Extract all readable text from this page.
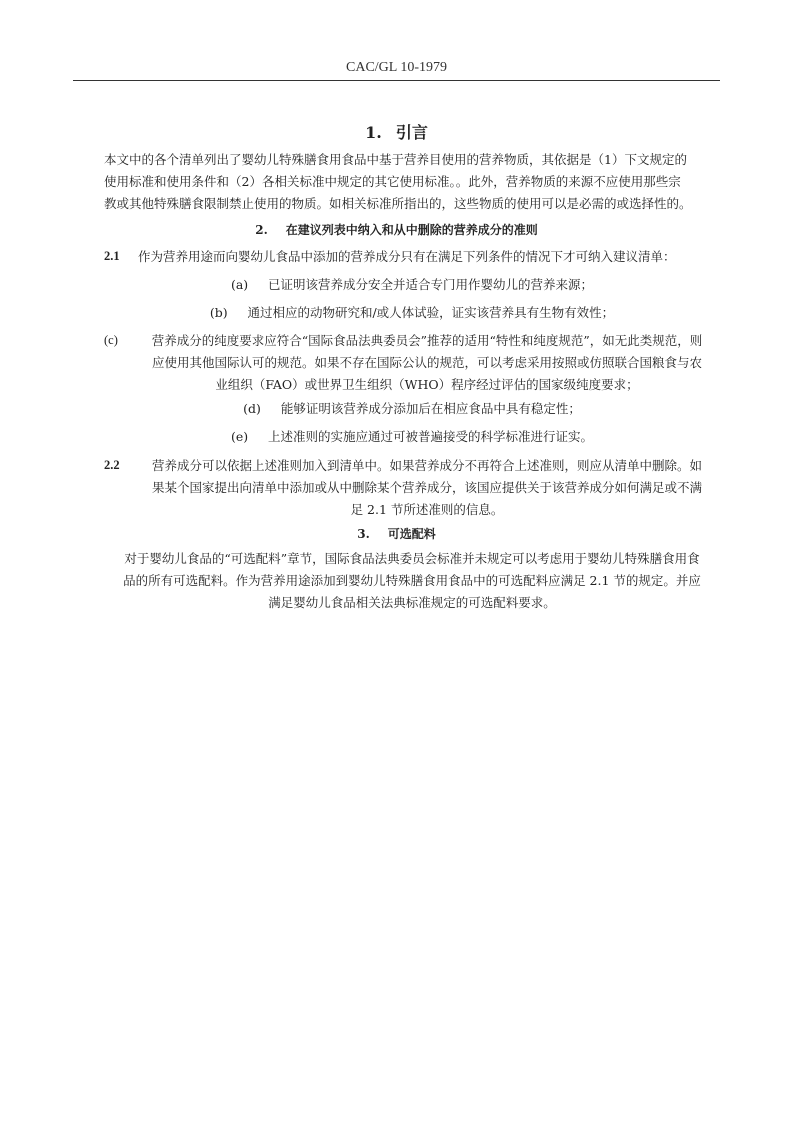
CAC/GL 10-1979
1. 引言
本文中的各个清单列出了婴幼儿特殊膳食用食品中基于营养目使用的营养物质，其依据是（1）下文规定的
使用标准和使用条件和（2）各相关标准中规定的其它使用标准。。此外，营养物质的来源不应使用那些宗
教或其他特殊膳食限制禁止使用的物质。如相关标准所指出的，这些物质的使用可以是必需的或选择性的。
2. 在建议列表中纳入和从中删除的营养成分的准则
2.1 作为营养用途而向婴幼儿食品中添加的营养成分只有在满足下列条件的情况下才可纳入建议清单：
(a) 已证明该营养成分安全并适合专门用作婴幼儿的营养来源；
(b) 通过相应的动物研究和/或人体试验，证实该营养具有生物有效性；
(c)	营养成分的纯度要求应符合“国际食品法典委员会”推荐的适用“特性和纯度规范”，如无此类规范，则
应使用其他国际认可的规范。如果不存在国际公认的规范，可以考虑采用按照或仿照联合国粮食与农
业组织（FAO）或世界卫生组织（WHO）程序经过评估的国家级纯度要求；
(d) 能够证明该营养成分添加后在相应食品中具有稳定性；
(e) 上述准则的实施应通过可被普遍接受的科学标准进行证实。
2.2	营养成分可以依据上述准则加入到清单中。如果营养成分不再符合上述准则，则应从清单中删除。如
果某个国家提出向清单中添加或从中删除某个营养成分，该国应提供关于该营养成分如何满足或不满
足 2.1 节所述准则的信息。
3. 可选配料
对于婴幼儿食品的“可选配料”章节，国际食品法典委员会标准并未规定可以考虑用于婴幼儿特殊膳食用食
品的所有可选配料。作为营养用途添加到婴幼儿特殊膳食用食品中的可选配料应满足 2.1 节的规定。并应
满足婴幼儿食品相关法典标准规定的可选配料要求。
